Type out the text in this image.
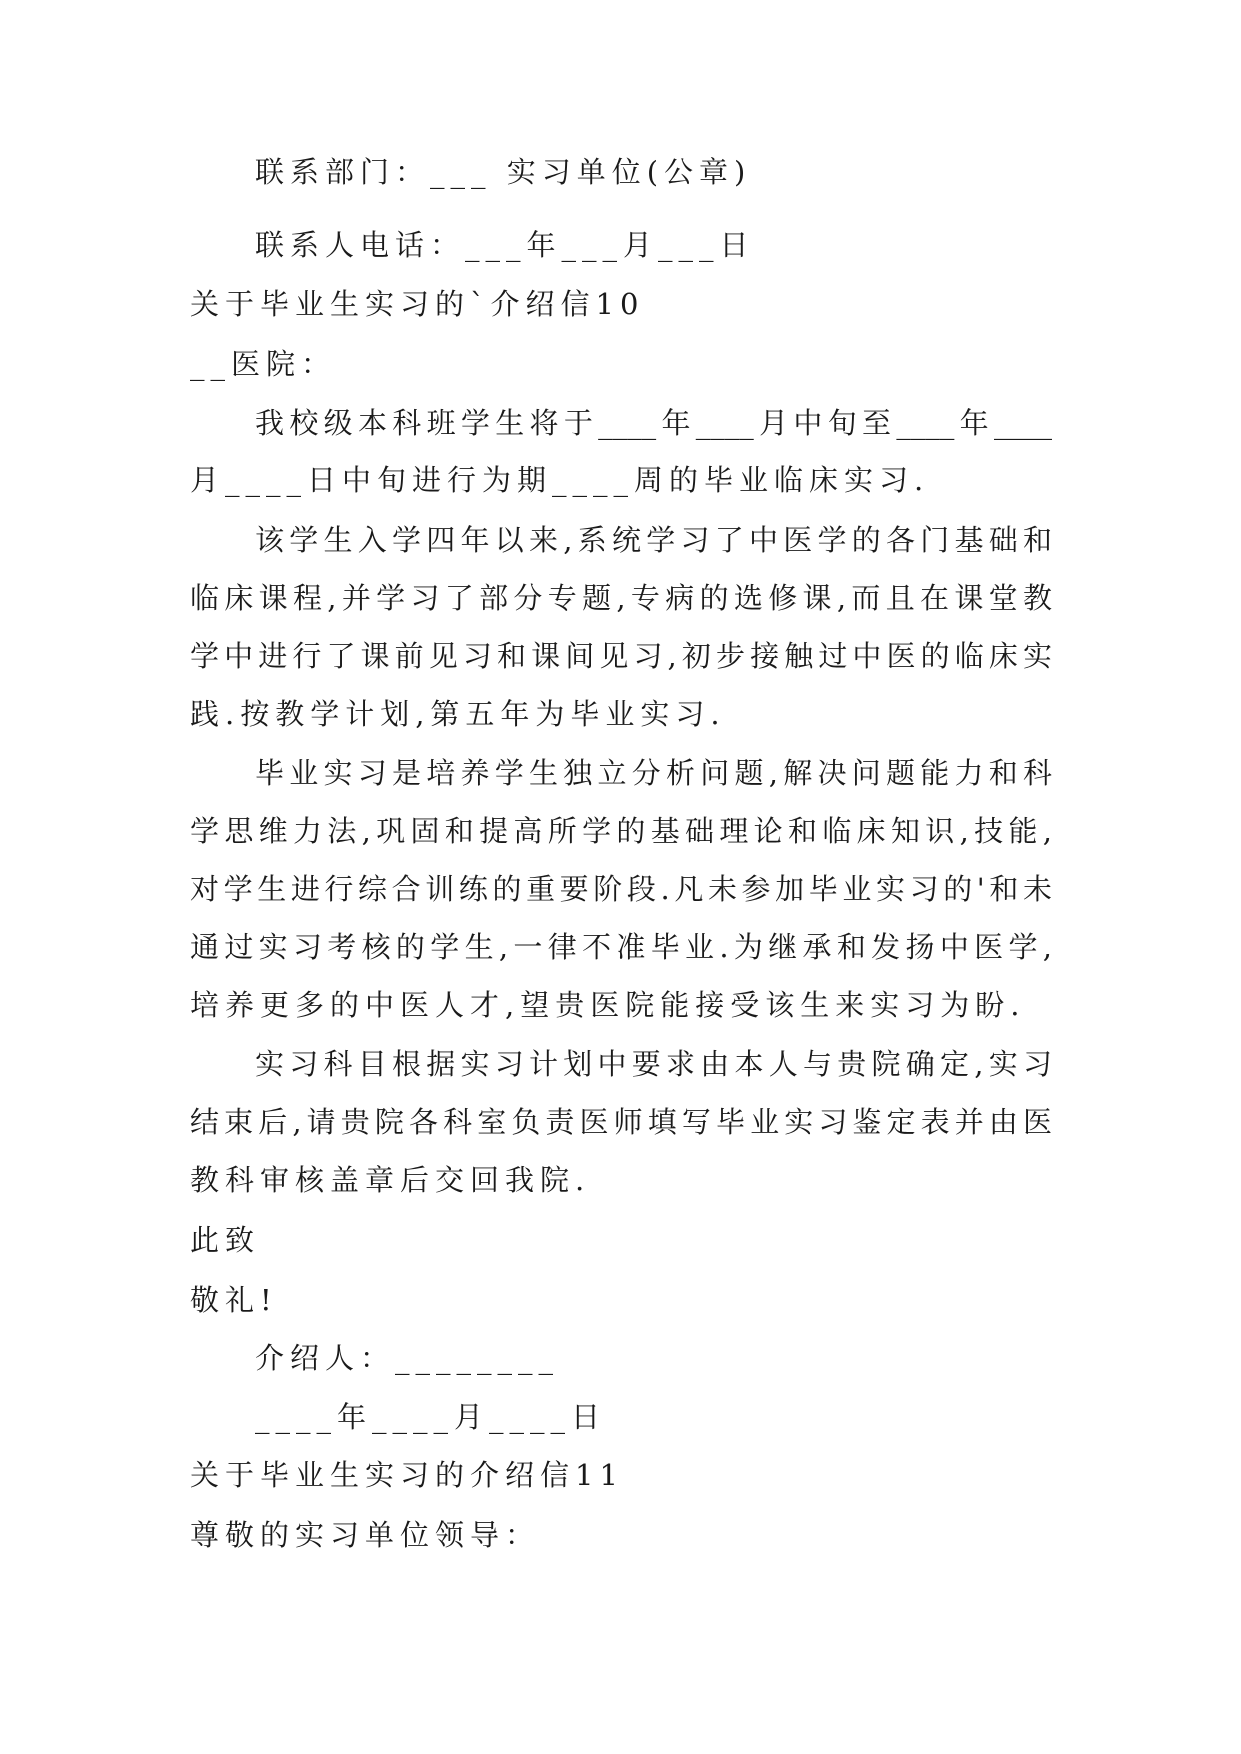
联系部门：___ 实习单位(公章)
联系人电话：___年___月___日
关于毕业生实习的`介绍信10
__医院：
我校级本科班学生将于____年____月中旬至____年____
月____日中旬进行为期____周的毕业临床实习.
该学生入学四年以来,系统学习了中医学的各门基础和
临床课程,并学习了部分专题,专病的选修课,而且在课堂教
学中进行了课前见习和课间见习,初步接触过中医的临床实
践.按教学计划,第五年为毕业实习.
毕业实习是培养学生独立分析问题,解决问题能力和科
学思维力法,巩固和提高所学的基础理论和临床知识,技能,
对学生进行综合训练的重要阶段.凡未参加毕业实习的'和未
通过实习考核的学生,一律不准毕业.为继承和发扬中医学,
培养更多的中医人才,望贵医院能接受该生来实习为盼.
实习科目根据实习计划中要求由本人与贵院确定,实习
结束后,请贵院各科室负责医师填写毕业实习鉴定表并由医
教科审核盖章后交回我院.
此致
敬礼!
介绍人：________
____年____月____日
关于毕业生实习的介绍信11
尊敬的实习单位领导：
